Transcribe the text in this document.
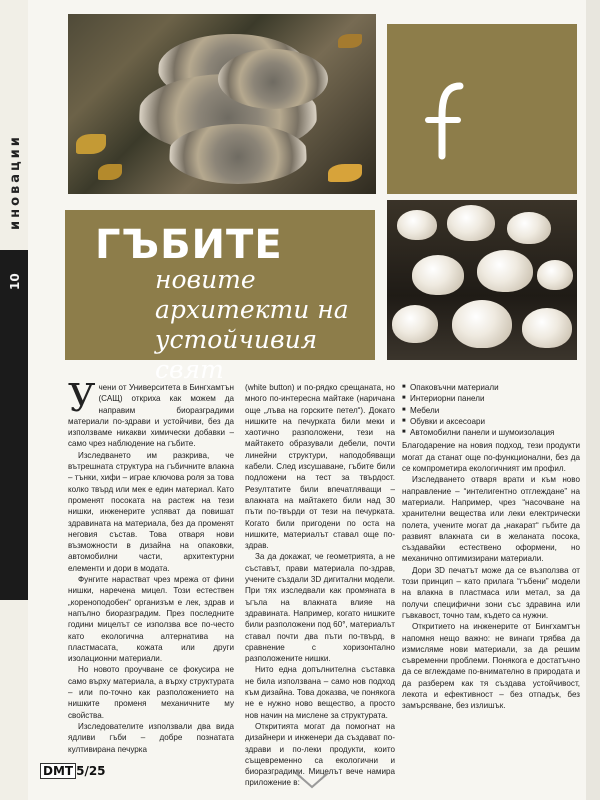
иновации
10
ГЪБИТЕ
новите архитекти на устойчивия свят
У чени от Университета в Бингхамтън (САЩ) откриха как можем да направим биоразградими материали по-здрави и устойчиви, без да използваме никакви химически добавки – само чрез наблюдение на гъбите.

Изследването им разкрива, че вътрешната структура на гъбичните влакна – тънки, хифи – играе ключова роля за това колко твърд или мек е един материал. Като променят посоката на растеж на тези нишки, инженерите успяват да повишат здравината на материала, без да променят неговия състав. Това отваря нови възможности в дизайна на опаковки, автомобилни части, архитектурни елементи и дори в модата.

Фунгите нарастват чрез мрежа от фини нишки, наречена мицел. Този естествен „кореноподобен“ организъм е лек, здрав и напълно биоразградим. През последните години мицелът се използва все по-често като екологична алтернатива на пластмасата, кожата или други изолационни материали.

Но новото проучване се фокусира не само върху материала, а върху структурата – или по-точно как разположението на нишките променя механичните му свойства.

Изследователите използвали два вида ядливи гъби – добре познатата култивирана печурка

(white button) и по-рядко срещаната, но много по-интересна майтаке (наричана още „лъва на горските петел“). Докато нишките на печурката били меки и хаотично разположени, тези на майтакето образували дебели, почти линейни структури, наподобяващи кабели. След изсушаване, гъбите били подложени на тест за твърдост. Резултатите били впечатляващи – влакната на майтакето били над 30 пъти по-твърди от тези на печурката. Когато били пригодени по оста на нишките, материалът ставал още по-здрав.

За да докажат, че геометрията, а не съставът, прави материала по-здрав, учените създали 3D дигитални модели. При тях изследвали как промяната в ъгъла на влакната влияе на здравината. Например, когато нишките били разположени под 60°, материалът ставал почти два пъти по-твърд, в сравнение с хоризонтално разположените нишки.

Нито една допълнителна съставка не била използвана – само нов подход към дизайна. Това доказва, че понякога не е нужно ново вещество, а просто нов начин на мислене за структурата.

Откритията могат да помогнат на дизайнери и инженери да създават по-здрави и по-леки продукти, които същевременно са екологични и биоразградими. Мицелът вече намира приложение в:

■ Опаковъчни материали
■ Интериорни панели
■ Мебели
■ Обувки и аксесоари
■ Автомобилни панели и шумоизолация

Благодарение на новия подход, тези продукти могат да станат още по-функционални, без да се компрометира екологичният им профил.

Изследването отваря врати и към ново направление – “интелигентно отглеждане” на материали. Например, чрез “насочване на хранителни вещества или леки електрически полета, учените могат да „накарат“ гъбите да развият влакната си в желаната посока, създавайки естествено оформени, но механично оптимизирани материали.

Дори 3D печатът може да се възползва от този принцип – като прилага “гъбени” модели на влакна в пластмаса или метал, за да получи специфични зони със здравина или гъвкавост, точно там, където са нужни.

Откритието на инженерите от Бингхамтън напомня нещо важно: не винаги трябва да измисляме нови материали, за да решим съвременни проблеми. Понякога е достатъчно да се вглеждаме по-внимателно в природата и да разберем как тя създава устойчивост, лекота и ефективност – без отпадък, без замърсяване, без излишък.

DMT 5/25
